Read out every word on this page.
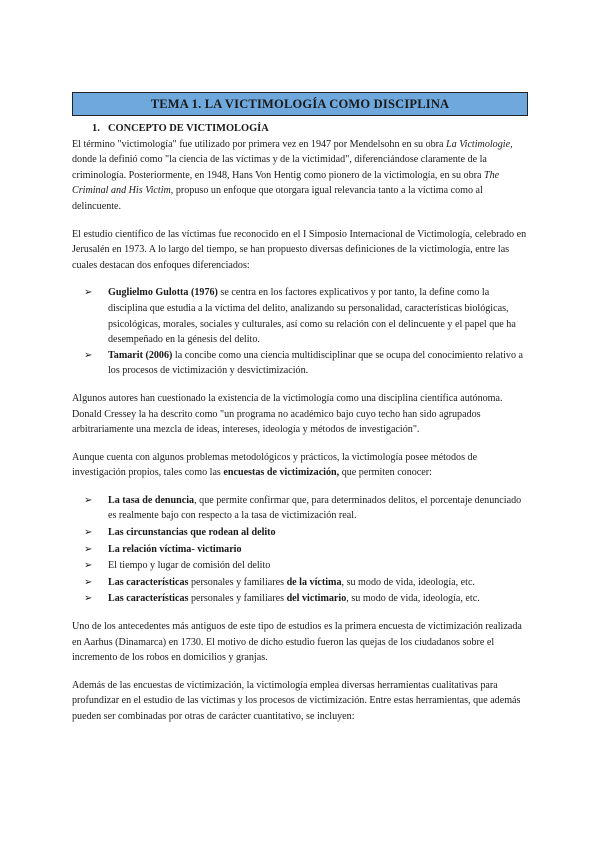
TEMA 1. LA VICTIMOLOGÍA COMO DISCIPLINA
1. CONCEPTO DE VICTIMOLOGÍA

El término "victimología" fue utilizado por primera vez en 1947 por Mendelsohn en su obra La Victimologie, donde la definió como "la ciencia de las víctimas y de la victimidad", diferenciándose claramente de la criminología. Posteriormente, en 1948, Hans Von Hentig como pionero de la victimología, en su obra The Criminal and His Victim, propuso un enfoque que otorgara igual relevancia tanto a la víctima como al delincuente.

El estudio científico de las víctimas fue reconocido en el I Simposio Internacional de Victimología, celebrado en Jerusalén en 1973. A lo largo del tiempo, se han propuesto diversas definiciones de la victimología, entre las cuales destacan dos enfoques diferenciados:

➢ Guglielmo Gulotta (1976) se centra en los factores explicativos y por tanto, la define como la disciplina que estudia a la víctima del delito, analizando su personalidad, características biológicas, psicológicas, morales, sociales y culturales, así como su relación con el delincuente y el papel que ha desempeñado en la génesis del delito.
➢ Tamarit (2006) la concibe como una ciencia multidisciplinar que se ocupa del conocimiento relativo a los procesos de victimización y desvictimización.

Algunos autores han cuestionado la existencia de la victimología como una disciplina científica autónoma. Donald Cressey la ha descrito como "un programa no académico bajo cuyo techo han sido agrupados arbitrariamente una mezcla de ideas, intereses, ideología y métodos de investigación".

Aunque cuenta con algunos problemas metodológicos y prácticos, la victimología posee métodos de investigación propios, tales como las encuestas de victimización, que permiten conocer:

➢ La tasa de denuncia, que permite confirmar que, para determinados delitos, el porcentaje denunciado es realmente bajo con respecto a la tasa de victimización real.
➢ Las circunstancias que rodean al delito
➢ La relación víctima- victimario
➢ El tiempo y lugar de comisión del delito
➢ Las características personales y familiares de la víctima, su modo de vida, ideología, etc.
➢ Las características personales y familiares del victimario, su modo de vida, ideología, etc.

Uno de los antecedentes más antiguos de este tipo de estudios es la primera encuesta de victimización realizada en Aarhus (Dinamarca) en 1730. El motivo de dicho estudio fueron las quejas de los ciudadanos sobre el incremento de los robos en domicilios y granjas.

Además de las encuestas de victimización, la victimología emplea diversas herramientas cualitativas para profundizar en el estudio de las víctimas y los procesos de victimización. Entre estas herramientas, que además pueden ser combinadas por otras de carácter cuantitativo, se incluyen:
